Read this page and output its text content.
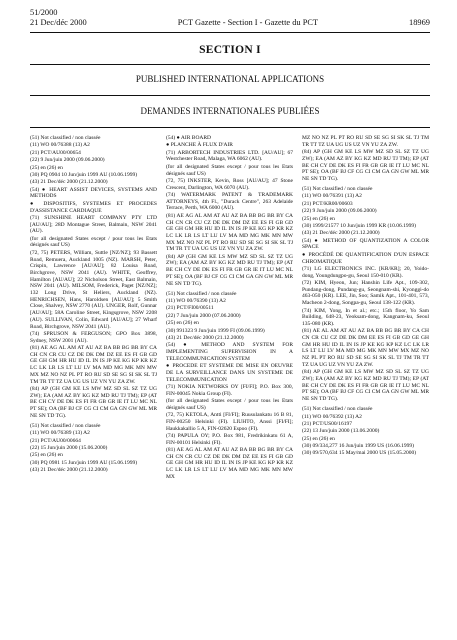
51/2000
21 Dec/déc 2000	PCT Gazette - Section I - Gazette du PCT	18969
SECTION I
PUBLISHED INTERNATIONAL APPLICATIONS
DEMANDES INTERNATIONALES PUBLIÉES
(51) Not classified / non classée
(11) WO 00/76388 (13) A2
(21) PCT/AU00/00654
(22) 9 Jun/juin 2000 (09.06.2000)
(25) en (26) en
(30) PQ 0904 10 Jun/juin 1999 AU (10.06.1999)
(43) 21 Dec/déc 2000 (21.12.2000)
(54) ● HEART ASSIST DEVICES, SYSTEMS AND METHODS
● DISPOSITIFS, SYSTEMES ET PROCEDES D'ASSISTANCE CARDIAQUE
(71) SUNSHINE HEART COMPANY PTY LTD [AU/AU]; 28D Montague Street, Balmain, NSW 2041 (AU).
(for all designated States except / pour tous les Etats désignés sauf US)
(72, 75) PETERS, William, Suttle [NZ/NZ]; 93 Bassett Road, Remuera, Auckland 1005 (NZ). MARSH, Peter, Crispin, Lawrence [AU/AU]; 82 Louisa Road, Birchgrove, NSW 2041 (AU). WHITE, Geoffrey, Hamilton [AU/AU]; 22 Nicholson Street, East Balmain, NSW 2041 (AU). MILSOM, Frederick, Paget [NZ/NZ]; 132 Long Drive, St Heliers, Auckland (NZ). HENRICHSEN, Hans, Haroldsen [AU/AU]; 5 Smith Close, Shalvey, NSW 2770 (AU). UNGER, Rolf, Gunnar [AU/AU]; 58A Caroline Street, Kingsgrove, NSW 2208 (AU). SULLIVAN, Colin, Edward [AU/AU]; 27 Wharf Road, Birchgrove, NSW 2041 (AU).
(74) SPRUSON & FERGUSON; GPO Box 3898, Sydney, NSW 2001 (AU).
(81) AE AG AL AM AT AU AZ BA BB BG BR BY CA CH CN CR CU CZ DE DK DM DZ EE ES FI GB GD GE GH GM HR HU ID IL IN IS JP KE KG KP KR KZ LC LK LR LS LT LU LV MA MD MG MK MN MW MX MZ NO NZ PL PT RO RU SD SE SG SI SK SL TJ TM TR TT TZ UA UG US UZ VN YU ZA ZW.
(84) AP (GH GM KE LS MW MZ SD SL SZ TZ UG ZW); EA (AM AZ BY KG KZ MD RU TJ TM); EP (AT BE CH CY DE DK ES FI FR GB GR IE IT LU MC NL PT SE); OA (BF BJ CF CG CI CM GA GN GW ML MR NE SN TD TG).
(51) Not classified / non classée
(11) WO 00/76389 (13) A2
(21) PCT/AU00/00664
(22) 15 Jun/juin 2000 (15.06.2000)
(25) en (26) en
(30) PQ 0981 15 Jun/juin 1999 AU (15.06.1999)
(43) 21 Dec/déc 2000 (21.12.2000)
(54) ● AIR BOARD
● PLANCHE À FLUX D'AIR
(71) ARBORTECH INDUSTRIES LTD. [AU/AU]; 67 Westchester Road, Malaga, WA 6062 (AU).
(for all designated States except / pour tous les Etats désignés sauf US)
(72, 75) INKSTER, Kevin, Ross [AU/AU]; 47 Stone Crescent, Darlington, WA 6070 (AU).
(74) WATERMARK PATENT & TRADEMARK ATTORNEYS, 4th Fl., "Durack Centre", 263 Adelaide Terrace, Perth, WA 6000 (AU).
(81) AE AG AL AM AT AU AZ BA BB BG BR BY CA CH CN CR CU CZ DE DK DM DZ EE ES FI GB GD GE GH GM HR HU ID IL IN IS JP KE KG KP KR KZ LC LK LR LS LT LU LV MA MD MG MK MN MW MX MZ NO NZ PL PT RO RU SD SE SG SI SK SL TJ TM TR TT UA UG US UZ VN YU ZA ZW.
(84) AP (GH GM KE LS MW MZ SD SL SZ TZ UG ZW); EA (AM AZ BY KG KZ MD RU TJ TM); EP (AT BE CH CY DE DK ES FI FR GB GR IE IT LU MC NL PT SE); OA (BF BJ CF CG CI CM GA GN GW ML MR NE SN TD TG).
(51) Not classified / non classée
(11) WO 00/76390 (13) A2
(21) PCT/FI00/00511
(22) 7 Jun/juin 2000 (07.06.2000)
(25) en (26) en
(30) 991323 9 Jun/juin 1999 FI (09.06.1999)
(43) 21 Dec/déc 2000 (21.12.2000)
(54) ● METHOD AND SYSTEM FOR IMPLEMENTING SUPERVISION IN A TELECOMMUNICATION SYSTEM
● PROCEDE ET SYSTEME DE MISE EN OEUVRE DE LA SURVEILLANCE DANS UN SYSTEME DE TELECOMMUNICATION
(71) NOKIA NETWORKS OY [FI/FI]; P.O. Box 300, FIN-00045 Nokia Group (FI).
(for all designated States except / pour tous les Etats désignés sauf US)
(72, 75) KETOLA, Antti [FI/FI]; Ruusulankatu 16 B 81, FIN-00250 Helsinki (FI). LIUHTO, Anssi [FI/FI]; Haukkakallio 5 A, FIN-02620 Espoo (FI).
(74) PAPULA OY; P.O. Box 981, Fredrikinkatu 61 A, FIN-00101 Helsinki (FI).
(81) AE AG AL AM AT AU AZ BA BB BG BR BY CA CH CN CR CU CZ DE DK DM DZ EE ES FI GB GD GE GH GM HR HU ID IL IN IS JP KE KG KP KR KZ LC LK LR LS LT LU LV MA MD MG MK MN MW MX
MZ NO NZ PL PT RO RU SD SE SG SI SK SL TJ TM TR TT TZ UA UG US UZ VN YU ZA ZW.
(84) AP (GH GM KE LS MW MZ SD SL SZ TZ UG ZW); EA (AM AZ BY KG KZ MD RU TJ TM); EP (AT BE CH CY DE DK ES FI FR GB GR IE IT LU MC NL PT SE); OA (BF BJ CF CG CI CM GA GN GW ML MR NE SN TD TG).
(51) Not classified / non classée
(11) WO 00/76391 (13) A2
(21) PCT/KR00/00603
(22) 9 Jun/juin 2000 (09.06.2000)
(25) en (26) en
(30) 1999/21577 10 Jun/juin 1999 KR (10.06.1999)
(43) 21 Dec/déc 2000 (21.12.2000)
(54) ● METHOD OF QUANTIZATION A COLOR SPACE
● PROCÉDÉ DE QUANTIFICATION D'UN ESPACE CHROMATIQUE
(71) LG ELECTRONICS INC. [KR/KR]; 20, Yoido-dong, Youngdungpo-gu, Seoul 150-010 (KR).
(72) KIM, Hyeon, Jun; Hanshin Life Apt., 109-302, Pundang-dong, Pundang-gu, Seongnam-shi, Kyonggi-do 463-050 (KR). LEE, Jin, Soo; Samik Apt., 101-401, 573, Macheon 2-dong, Songpa-gu, Seoul 138-122 (KR).
(74) KIM, Yong, In et al.; etc.; 15th floor, Yo Sam Building, 648-23, Yeoksam-dong, Kangnam-ku, Seoul 135-080 (KR).
(81) AE AL AM AT AU AZ BA BB BG BR BY CA CH CN CR CU CZ DE DK DM EE ES FI GB GD GE GH GM HR HU ID IL IN IS JP KE KG KP KZ LC LK LR LS LT LU LV MA MD MG MK MN MW MX MZ NO NZ PL PT RO RU SD SE SG SI SK SL TJ TM TR TT TZ UA UG UZ VN YU ZA ZW.
(84) AP (GH GM KE LS MW MZ SD SL SZ TZ UG ZW); EA (AM AZ BY KG KZ MD RU TJ TM); EP (AT BE CH CY DE DK ES FI FR GB GR IE IT LU MC NL PT SE); OA (BF BJ CF CG CI CM GA GN GW ML MR NE SN TD TG).
(51) Not classified / non classée
(11) WO 00/76392 (13) A2
(21) PCT/US00/16197
(22) 13 Jun/juin 2000 (13.06.2000)
(25) en (26) en
(30) 09/334,277 16 Jun/juin 1999 US (16.06.1999)
(30) 09/570,634 15 May/mai 2000 US (15.05.2000)
